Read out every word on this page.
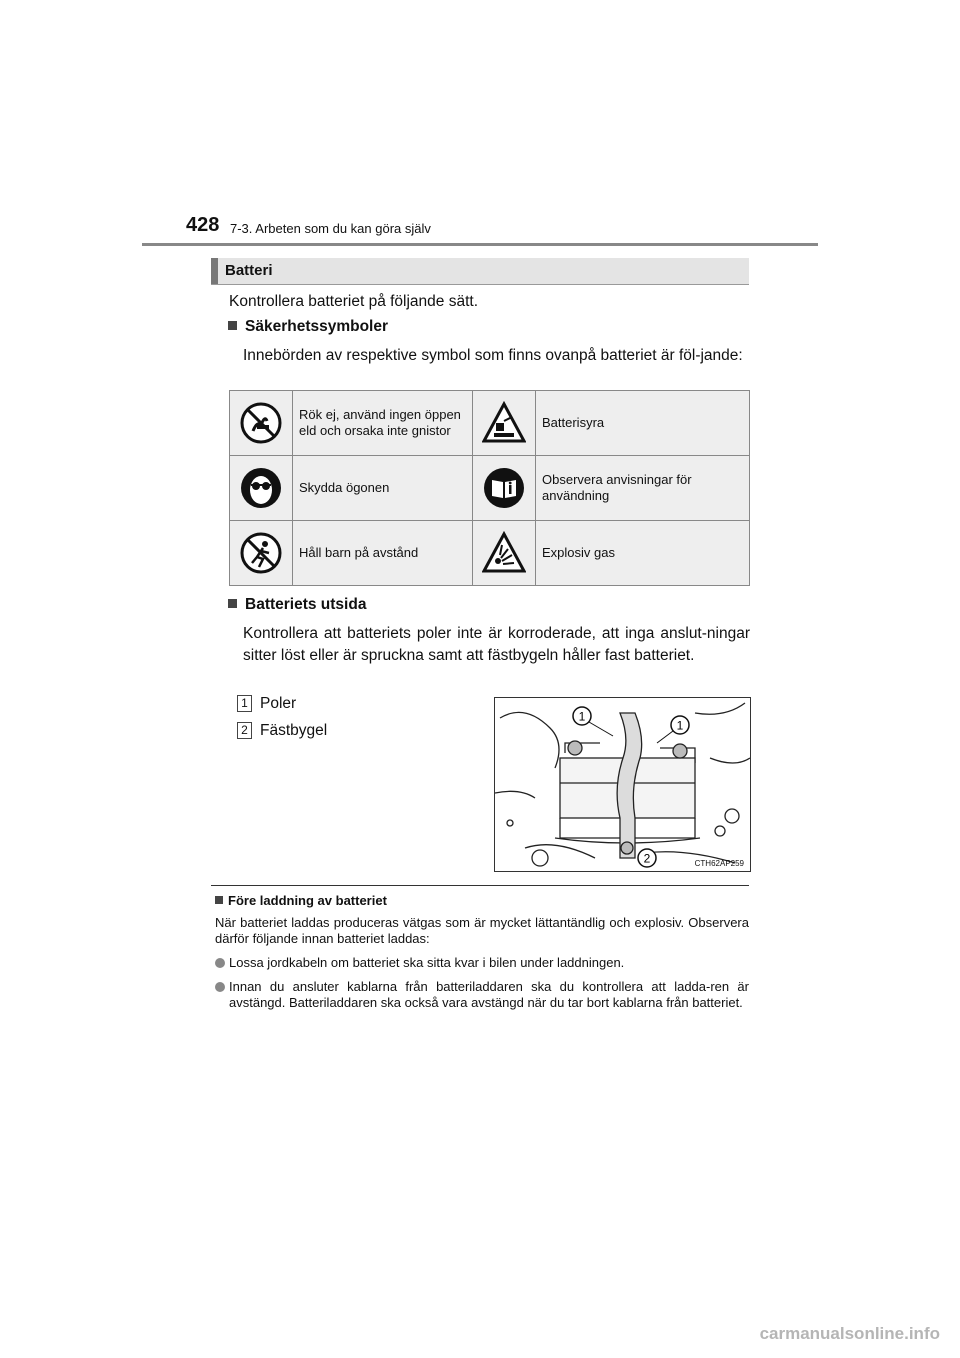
428 7-3. Arbeten som du kan göra själv
Batteri
Kontrollera batteriet på följande sätt.
Säkerhetssymboler
Innebörden av respektive symbol som finns ovanpå batteriet är föl-jande:
	Rök ej, använd ingen öppen eld och orsaka inte gnistor		Batterisyra

	Skydda ögonen		Observera anvisningar för användning

	Håll barn på avstånd		Explosiv gas
Batteriets utsida
Kontrollera att batteriets poler inte är korroderade, att inga anslut-ningar sitter löst eller är spruckna samt att fästbygeln håller fast batteriet.
1 Poler
2 Fästbygel
1
1
2	CTH62AP259
Före laddning av batteriet
När batteriet laddas produceras vätgas som är mycket lättantändlig och explosiv. Observera därför följande innan batteriet laddas:
Lossa jordkabeln om batteriet ska sitta kvar i bilen under laddningen.
Innan du ansluter kablarna från batteriladdaren ska du kontrollera att ladda-ren är avstängd. Batteriladdaren ska också vara avstängd när du tar bort kablarna från batteriet.
carmanualsonline.info
